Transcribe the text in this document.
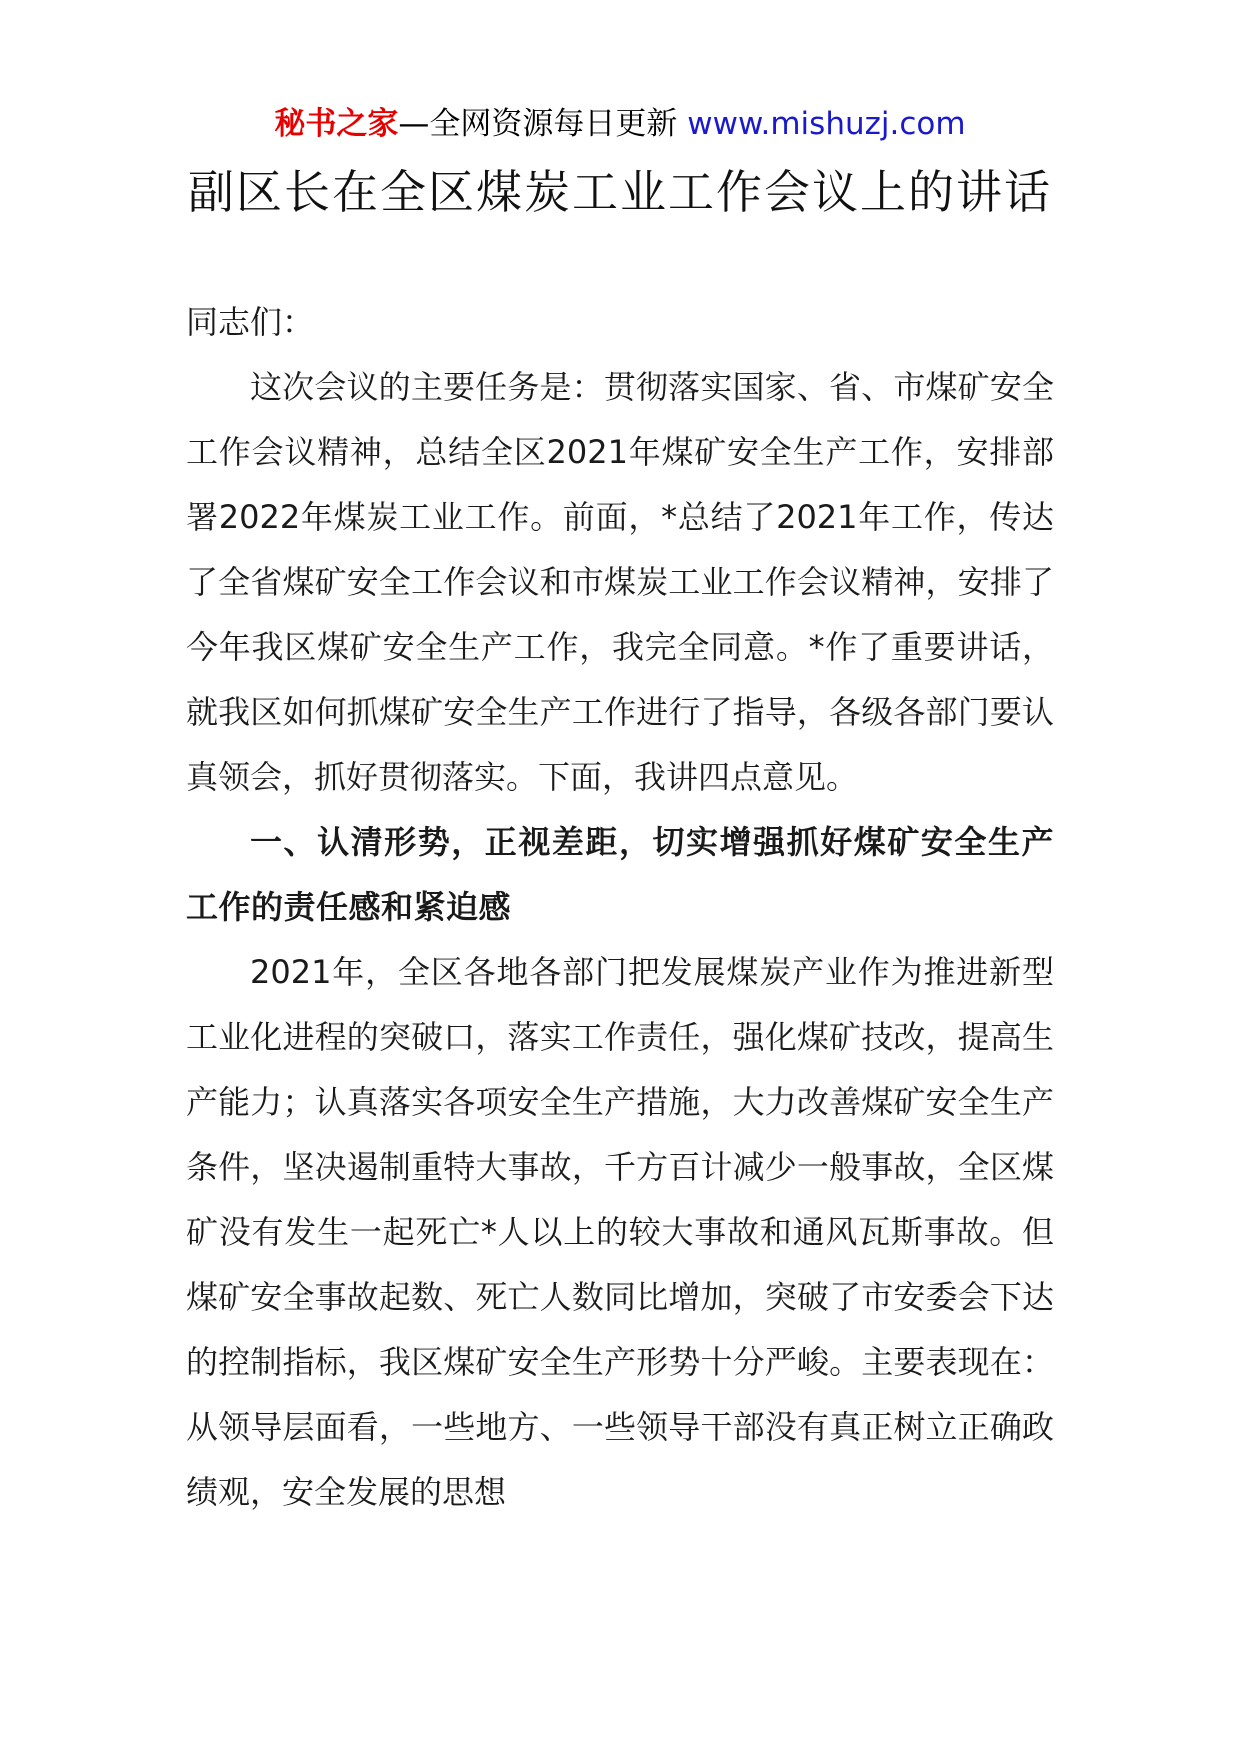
秘书之家—全网资源每日更新 www.mishuzj.com
副区长在全区煤炭工业工作会议上的讲话

同志们：

这次会议的主要任务是：贯彻落实国家、省、市煤矿安全工作会议精神，总结全区2021年煤矿安全生产工作，安排部署2022年煤炭工业工作。前面，*总结了2021年工作，传达了全省煤矿安全工作会议和市煤炭工业工作会议精神，安排了今年我区煤矿安全生产工作，我完全同意。*作了重要讲话，就我区如何抓煤矿安全生产工作进行了指导，各级各部门要认真领会，抓好贯彻落实。下面，我讲四点意见。

一、认清形势，正视差距，切实增强抓好煤矿安全生产工作的责任感和紧迫感

2021年，全区各地各部门把发展煤炭产业作为推进新型工业化进程的突破口，落实工作责任，强化煤矿技改，提高生产能力；认真落实各项安全生产措施，大力改善煤矿安全生产条件，坚决遏制重特大事故，千方百计减少一般事故，全区煤矿没有发生一起死亡*人以上的较大事故和通风瓦斯事故。但煤矿安全事故起数、死亡人数同比增加，突破了市安委会下达的控制指标，我区煤矿安全生产形势十分严峻。主要表现在：从领导层面看，一些地方、一些领导干部没有真正树立正确政绩观，安全发展的思想
